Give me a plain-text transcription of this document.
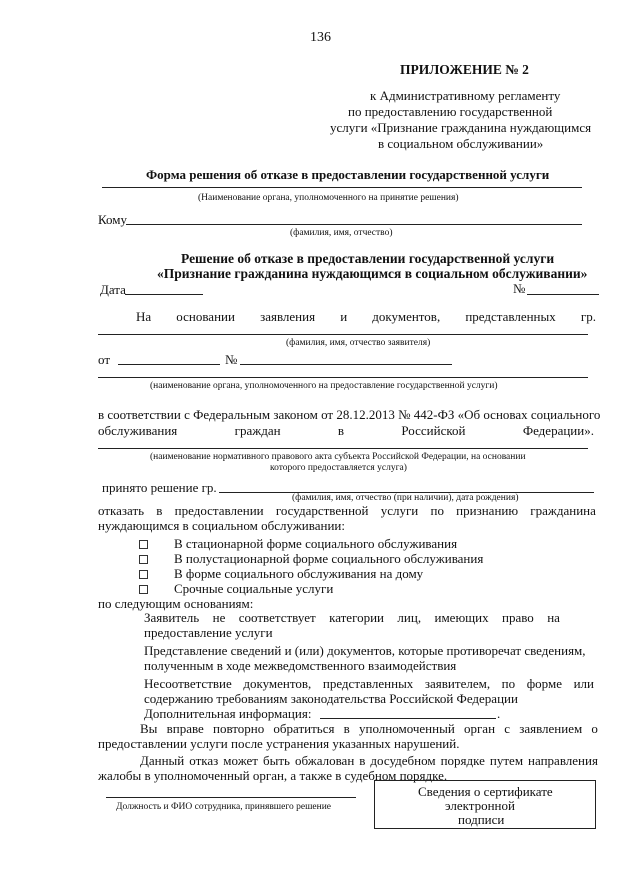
136
ПРИЛОЖЕНИЕ № 2
к Административному регламенту
по предоставлению государственной
услуги «Признание гражданина нуждающимся
в социальном обслуживании»
Форма решения об отказе в предоставлении государственной услуги
(Наименование органа, уполномоченного на принятие решения)
Кому
(фамилия, имя, отчество)
Решение об отказе в предоставлении государственной услуги
«Признание гражданина нуждающимся в социальном обслуживании»
Дата	№
На основании заявления и документов, представленных гр.
(фамилия, имя, отчество заявителя)
от	№
(наименование органа, уполномоченного на предоставление государственной услуги)
в соответствии с Федеральным законом от 28.12.2013 № 442-ФЗ «Об основах социального
обслуживания	граждан	в	Российской	Федерации».
(наименование нормативного правового акта субъекта Российской Федерации, на основании
которого предоставляется услуга)
принято решение гр.
(фамилия, имя, отчество (при наличии), дата рождения)
отказать в предоставлении государственной услуги по признанию гражданина
нуждающимся в социальном обслуживании:
В стационарной форме социального обслуживания
В полустационарной форме социального обслуживания
В форме социального обслуживания на дому
Срочные социальные услуги
по следующим основаниям:
Заявитель не соответствует категории лиц, имеющих право на
предоставление услуги
Представление сведений и (или) документов, которые противоречат сведениям,
полученным в ходе межведомственного взаимодействия
Несоответствие документов, представленных заявителем, по форме или
содержанию требованиям законодательства Российской Федерации
Дополнительная информация:	.
Вы вправе повторно обратиться в уполномоченный орган с заявлением о
предоставлении услуги после устранения указанных нарушений.
Данный отказ может быть обжалован в досудебном порядке путем направления
жалобы в уполномоченный орган, а также в судебном порядке.
Должность и ФИО сотрудника, принявшего решение
Сведения о сертификате
электронной
подписи
